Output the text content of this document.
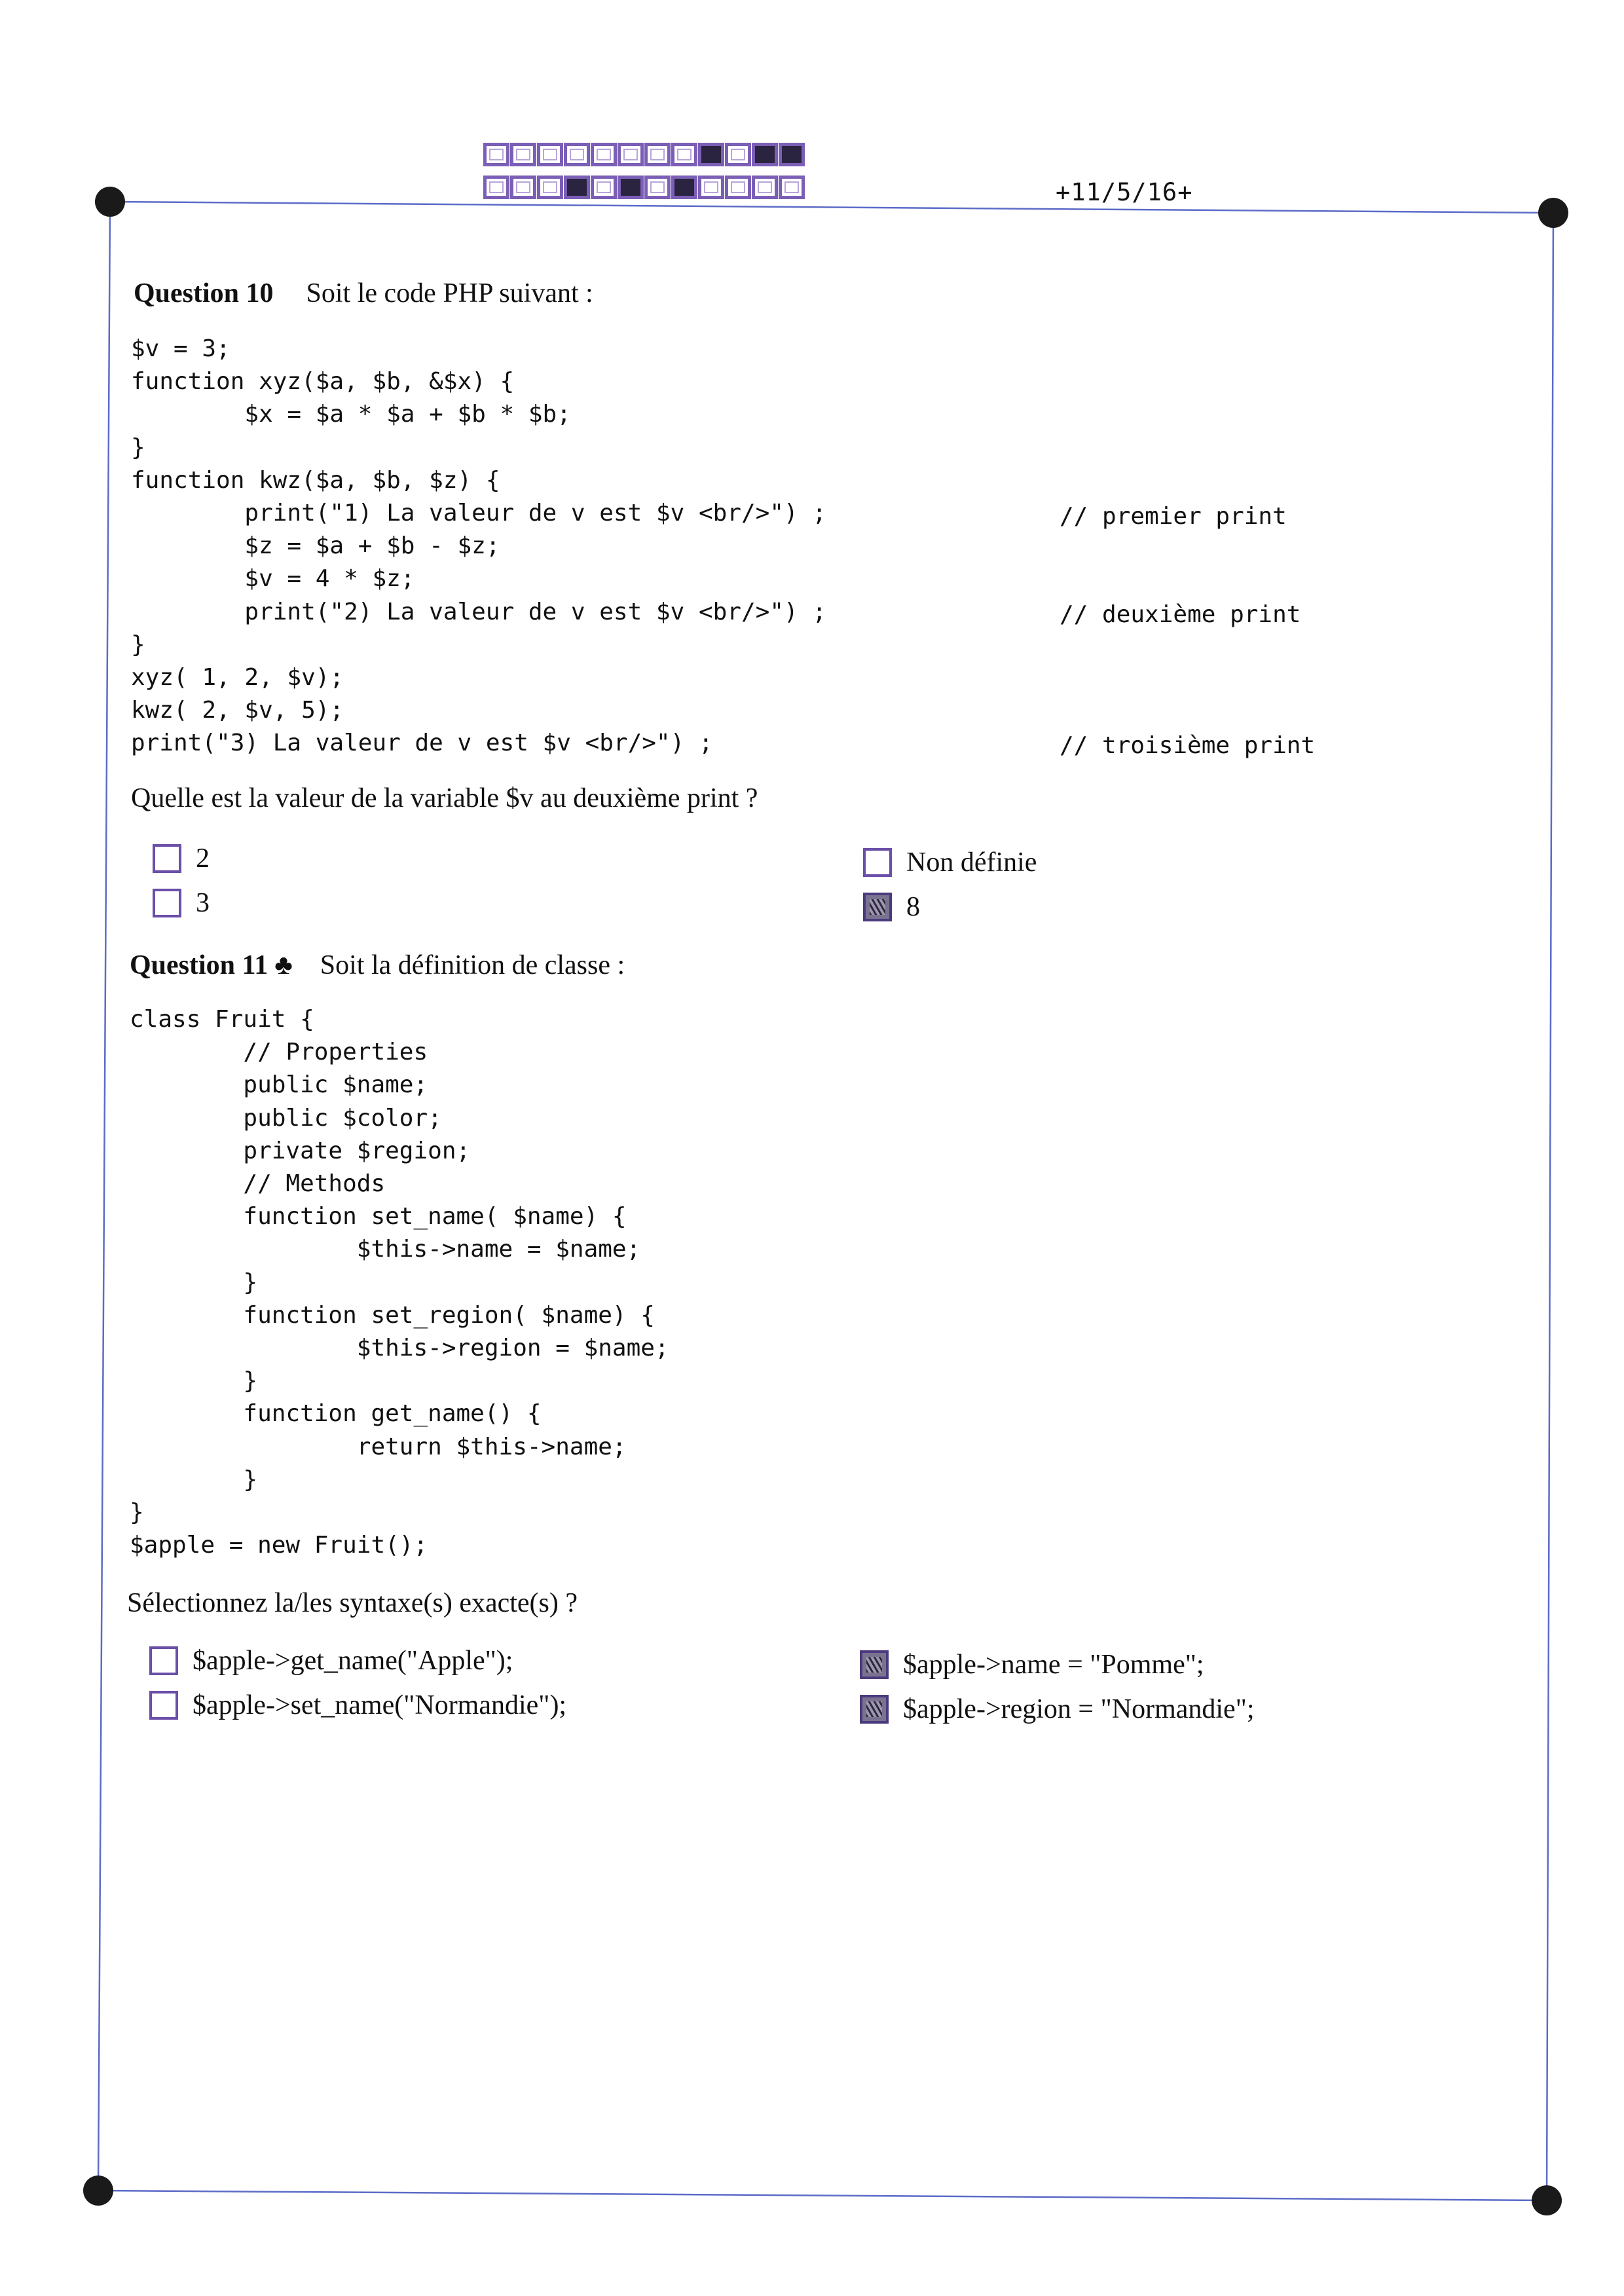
+11/5/16+
Question 10 Soit le code PHP suivant :
$v = 3;
function xyz($a, $b, &$x) {
$x = $a * $a + $b * $b;
}
function kwz($a, $b, $z) {
print("1) La valeur de v est $v <br/>") ;
$z = $a + $b - $z;
$v = 4 * $z;
print("2) La valeur de v est $v <br/>") ;
}
xyz( 1, 2, $v);
kwz( 2, $v, 5);
print("3) La valeur de v est $v <br/>") ;
// premier print
// deuxième print
// troisième print
Quelle est la valeur de la variable $v au deuxième print ?
2
3
Non définie
8
Question 11 ♣ Soit la définition de classe :
class Fruit {
// Properties
public $name;
public $color;
private $region;
// Methods
function set_name( $name) {
$this->name = $name;
}
function set_region( $name) {
$this->region = $name;
}
function get_name() {
return $this->name;
}
}
$apple = new Fruit();
Sélectionnez la/les syntaxe(s) exacte(s) ?
$apple->get_name("Apple");
$apple->set_name("Normandie");
$apple->name = "Pomme";
$apple->region = "Normandie";
